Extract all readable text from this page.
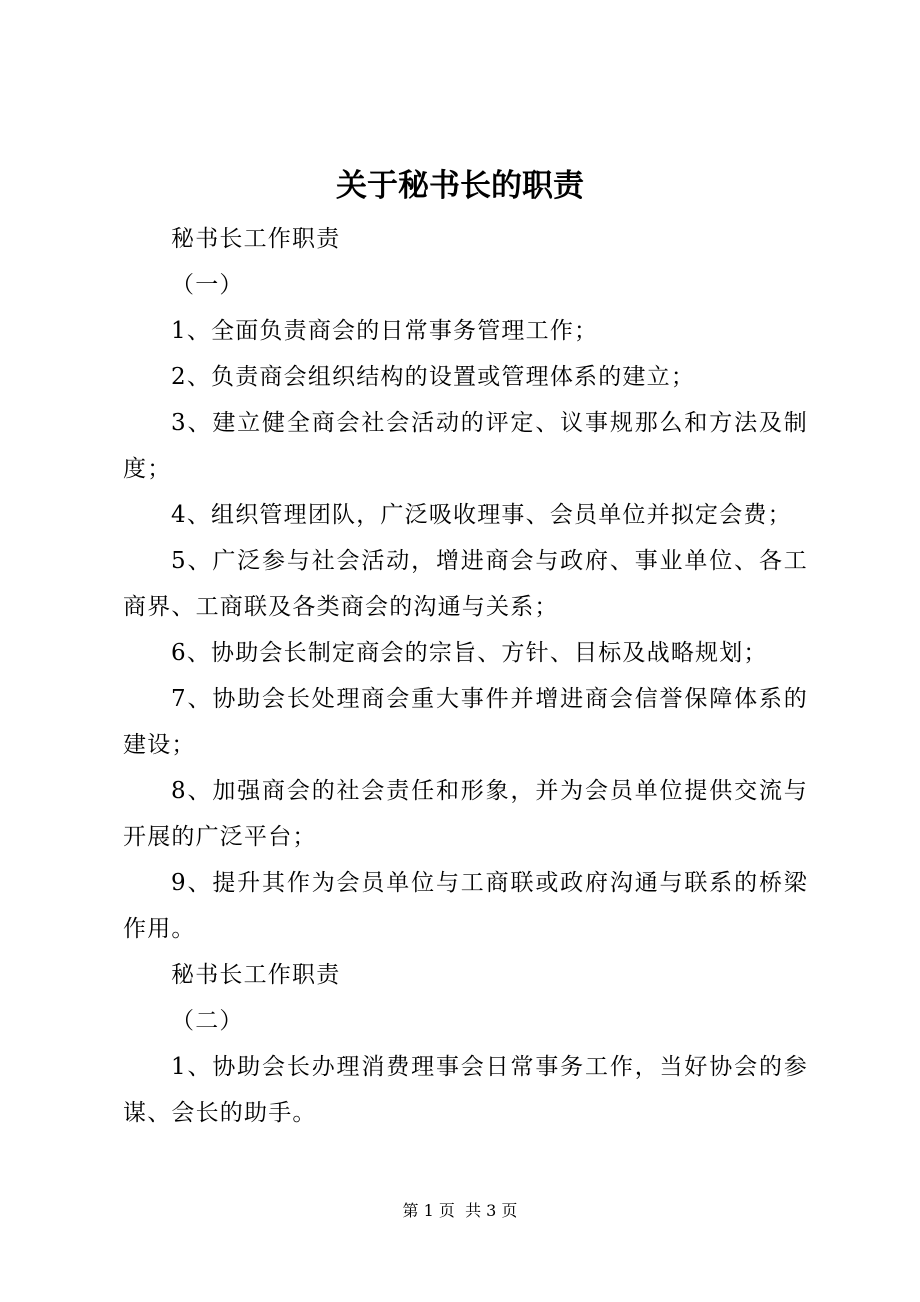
关于秘书长的职责

秘书长工作职责

（一）

1、全面负责商会的日常事务管理工作；

2、负责商会组织结构的设置或管理体系的建立；

3、建立健全商会社会活动的评定、议事规那么和方法及制度；

4、组织管理团队，广泛吸收理事、会员单位并拟定会费；

5、广泛参与社会活动，增进商会与政府、事业单位、各工商界、工商联及各类商会的沟通与关系；

6、协助会长制定商会的宗旨、方针、目标及战略规划；

7、协助会长处理商会重大事件并增进商会信誉保障体系的建设；

8、加强商会的社会责任和形象，并为会员单位提供交流与开展的广泛平台；

9、提升其作为会员单位与工商联或政府沟通与联系的桥梁作用。

秘书长工作职责

（二）

1、协助会长办理消费理事会日常事务工作，当好协会的参谋、会长的助手。

第 1 页  共 3 页
